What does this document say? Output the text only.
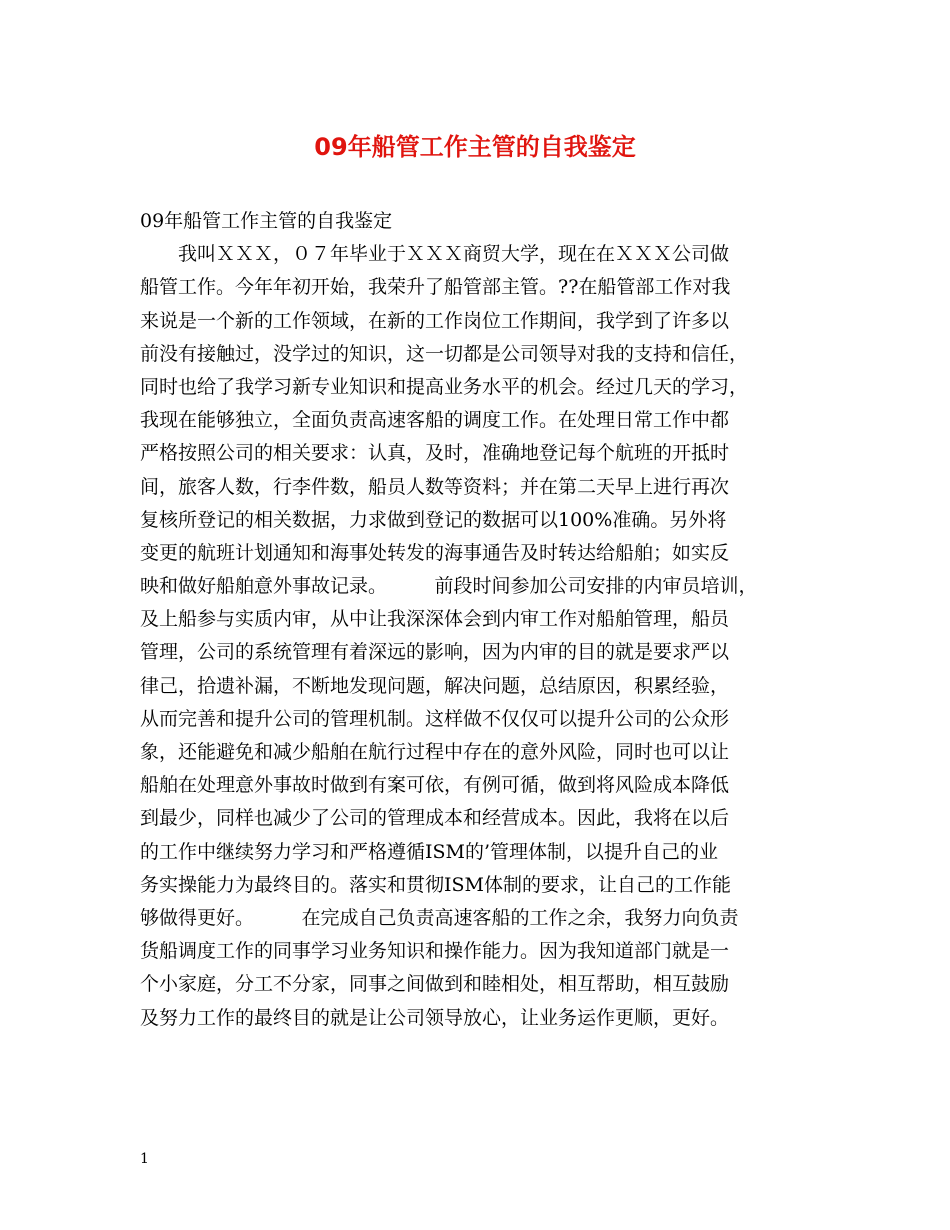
09年船管工作主管的自我鉴定
09年船管工作主管的自我鉴定
　　我叫ＸＸＸ，０７年毕业于ＸＸＸ商贸大学，现在在ＸＸＸ公司做
船管工作。今年年初开始，我荣升了船管部主管。??在船管部工作对我
来说是一个新的工作领域，在新的工作岗位工作期间，我学到了许多以
前没有接触过，没学过的知识，这一切都是公司领导对我的支持和信任，
同时也给了我学习新专业知识和提高业务水平的机会。经过几天的学习，
我现在能够独立，全面负责高速客船的调度工作。在处理日常工作中都
严格按照公司的相关要求：认真，及时，准确地登记每个航班的开抵时
间，旅客人数，行李件数，船员人数等资料；并在第二天早上进行再次
复核所登记的相关数据，力求做到登记的数据可以100%准确。另外将
变更的航班计划通知和海事处转发的海事通告及时转达给船舶；如实反
映和做好船舶意外事故记录。　　　前段时间参加公司安排的内审员培训，
及上船参与实质内审，从中让我深深体会到内审工作对船舶管理，船员
管理，公司的系统管理有着深远的影响，因为内审的目的就是要求严以
律己，拾遗补漏，不断地发现问题，解决问题，总结原因，积累经验，
从而完善和提升公司的管理机制。这样做不仅仅可以提升公司的公众形
象，还能避免和减少船舶在航行过程中存在的意外风险，同时也可以让
船舶在处理意外事故时做到有案可依，有例可循，做到将风险成本降低
到最少，同样也减少了公司的管理成本和经营成本。因此，我将在以后
的工作中继续努力学习和严格遵循ISM的’管理体制，以提升自己的业
务实操能力为最终目的。落实和贯彻ISM体制的要求，让自己的工作能
够做得更好。　　　在完成自己负责高速客船的工作之余，我努力向负责
货船调度工作的同事学习业务知识和操作能力。因为我知道部门就是一
个小家庭，分工不分家，同事之间做到和睦相处，相互帮助，相互鼓励
及努力工作的最终目的就是让公司领导放心，让业务运作更顺，更好。
1
